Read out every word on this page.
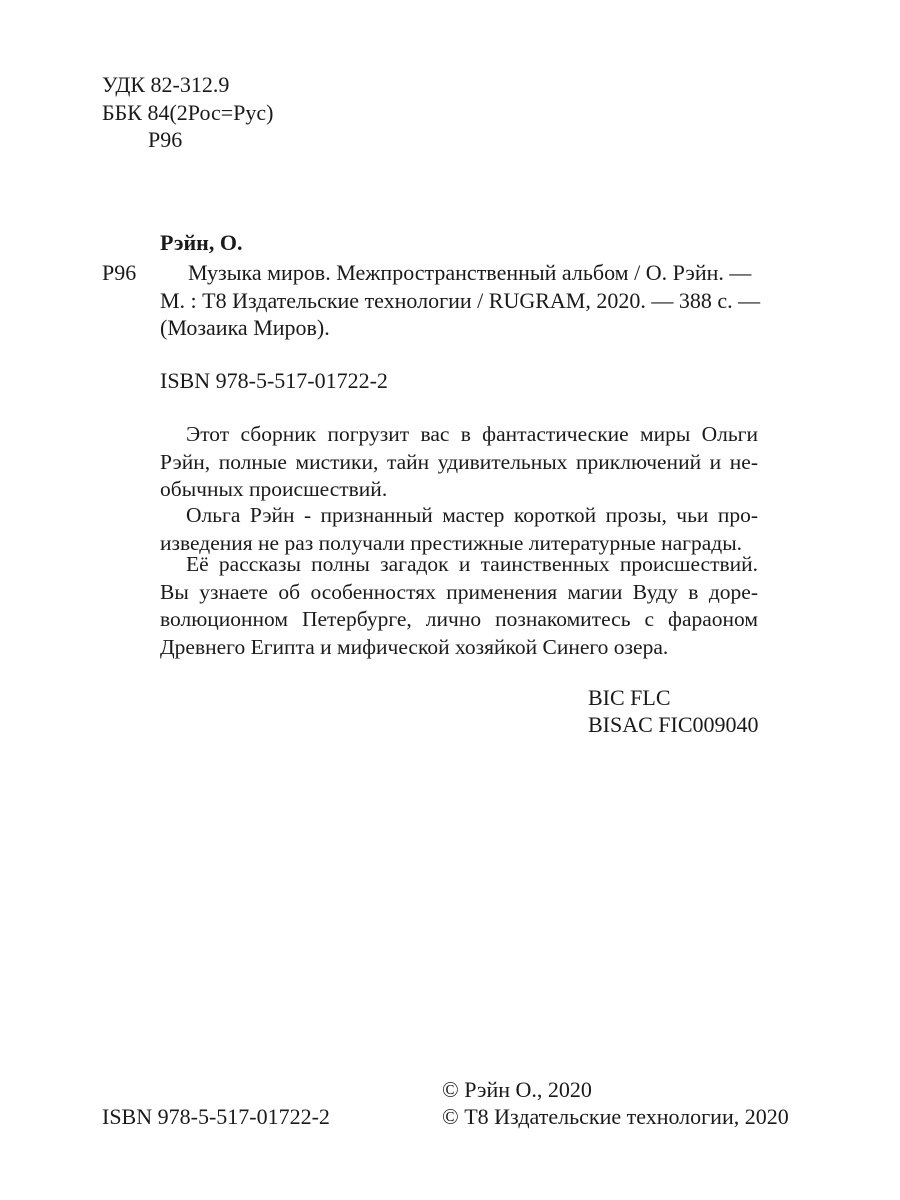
УДК 82-312.9
ББК 84(2Рос=Рус)
Р96
Рэйн, О.
Р96 Музыка миров. Межпространственный альбом / О. Рэйн. —
М. : Т8 Издательские технологии / RUGRAM, 2020. — 388 с. —
(Мозаика Миров).
ISBN 978-5-517-01722-2
Этот сборник погрузит вас в фантастические миры Ольги Рэйн, полные мистики, тайн удивительных приключений и необычных происшествий.
Ольга Рэйн - признанный мастер короткой прозы, чьи произведения не раз получали престижные литературные награды.
Её рассказы полны загадок и таинственных происшествий. Вы узнаете об особенностях применения магии Вуду в дореволюционном Петербурге, лично познакомитесь с фараоном Древнего Египта и мифической хозяйкой Синего озера.
BIC FLC
BISAC FIC009040
© Рэйн О., 2020
ISBN 978-5-517-01722-2	© Т8 Издательские технологии, 2020
